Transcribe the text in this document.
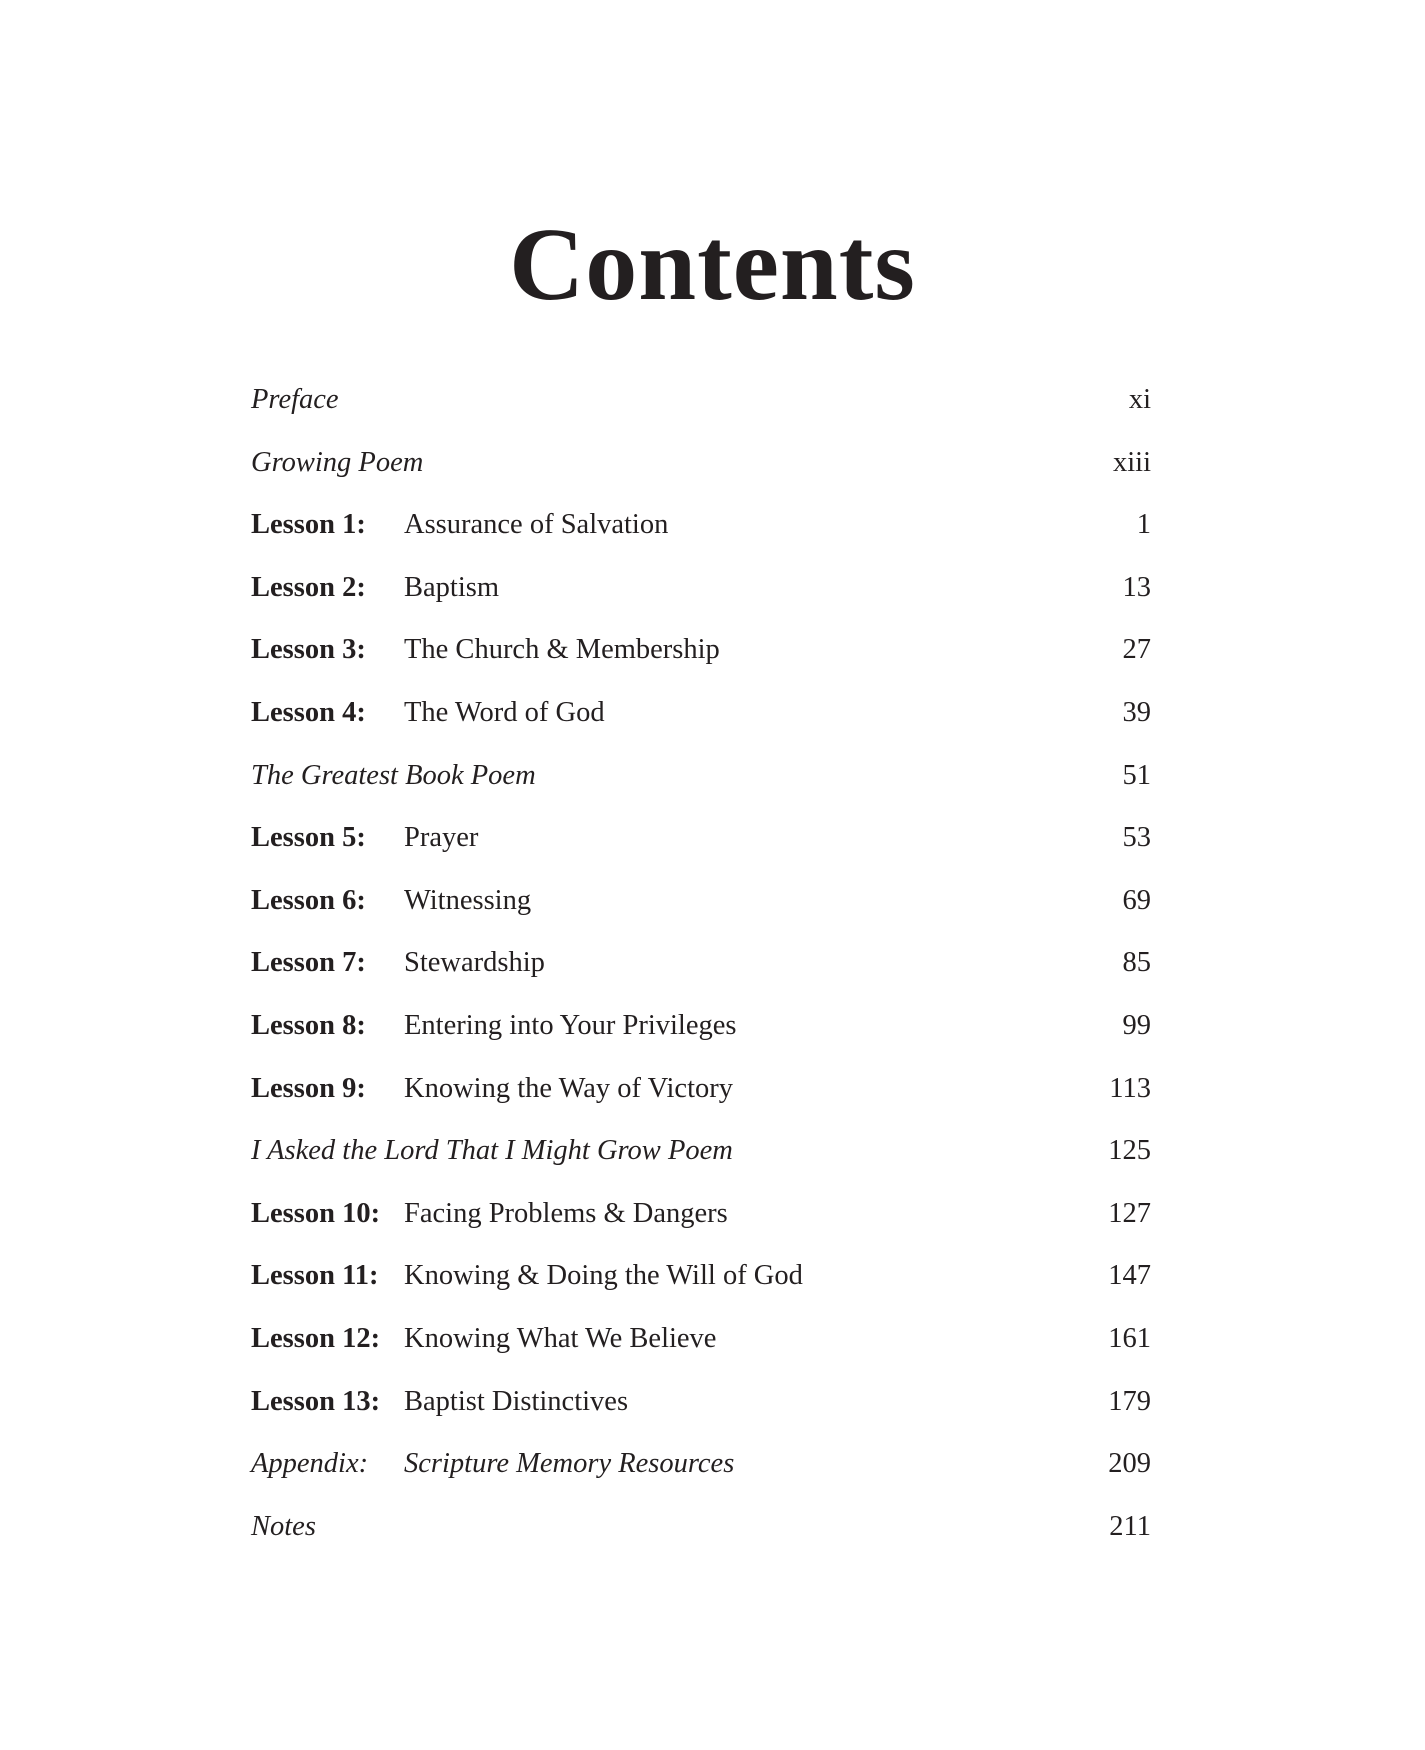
Contents
Preface	xi
Growing Poem	xiii
Lesson 1: Assurance of Salvation	1
Lesson 2: Baptism	13
Lesson 3: The Church & Membership	27
Lesson 4: The Word of God	39
The Greatest Book Poem	51
Lesson 5: Prayer	53
Lesson 6: Witnessing	69
Lesson 7: Stewardship	85
Lesson 8: Entering into Your Privileges	99
Lesson 9: Knowing the Way of Victory	113
I Asked the Lord That I Might Grow Poem	125
Lesson 10: Facing Problems & Dangers	127
Lesson 11: Knowing & Doing the Will of God	147
Lesson 12: Knowing What We Believe	161
Lesson 13: Baptist Distinctives	179
Appendix: Scripture Memory Resources	209
Notes	211
